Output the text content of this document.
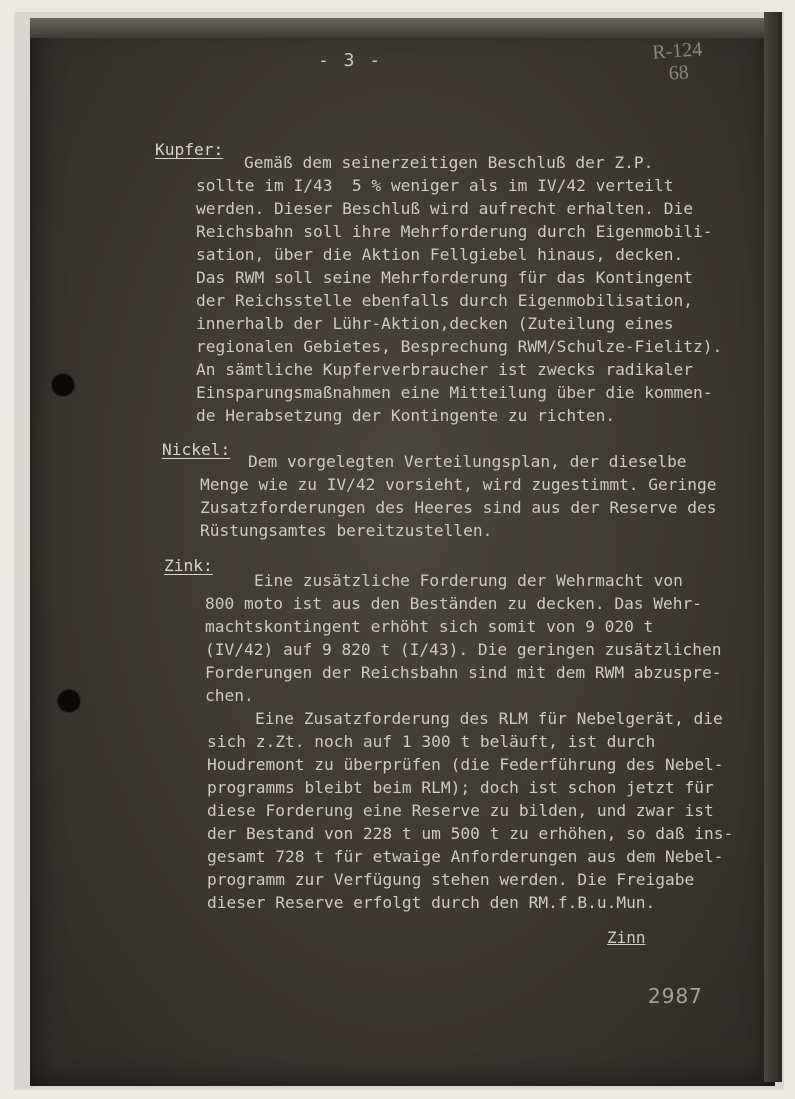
- 3 -	R-124
68
Kupfer:
Gemäß dem seinerzeitigen Beschluß der Z.P.
sollte im I/43  5 % weniger als im IV/42 verteilt
werden. Dieser Beschluß wird aufrecht erhalten. Die
Reichsbahn soll ihre Mehrforderung durch Eigenmobili-
sation, über die Aktion Fellgiebel hinaus, decken.
Das RWM soll seine Mehrforderung für das Kontingent
der Reichsstelle ebenfalls durch Eigenmobilisation,
innerhalb der Lühr-Aktion,decken (Zuteilung eines
regionalen Gebietes, Besprechung RWM/Schulze-Fielitz).
An sämtliche Kupferverbraucher ist zwecks radikaler
Einsparungsmaßnahmen eine Mitteilung über die kommen-
de Herabsetzung der Kontingente zu richten.
Nickel:
Dem vorgelegten Verteilungsplan, der dieselbe
Menge wie zu IV/42 vorsieht, wird zugestimmt. Geringe
Zusatzforderungen des Heeres sind aus der Reserve des
Rüstungsamtes bereitzustellen.
Zink:
Eine zusätzliche Forderung der Wehrmacht von
800 moto ist aus den Beständen zu decken. Das Wehr-
machtskontingent erhöht sich somit von 9 020 t
(IV/42) auf 9 820 t (I/43). Die geringen zusätzlichen
Forderungen der Reichsbahn sind mit dem RWM abzuspre-
chen.
Eine Zusatzforderung des RLM für Nebelgerät, die
sich z.Zt. noch auf 1 300 t beläuft, ist durch
Houdremont zu überprüfen (die Federführung des Nebel-
programms bleibt beim RLM); doch ist schon jetzt für
diese Forderung eine Reserve zu bilden, und zwar ist
der Bestand von 228 t um 500 t zu erhöhen, so daß ins-
gesamt 728 t für etwaige Anforderungen aus dem Nebel-
programm zur Verfügung stehen werden. Die Freigabe
dieser Reserve erfolgt durch den RM.f.B.u.Mun.
Zinn
2987
